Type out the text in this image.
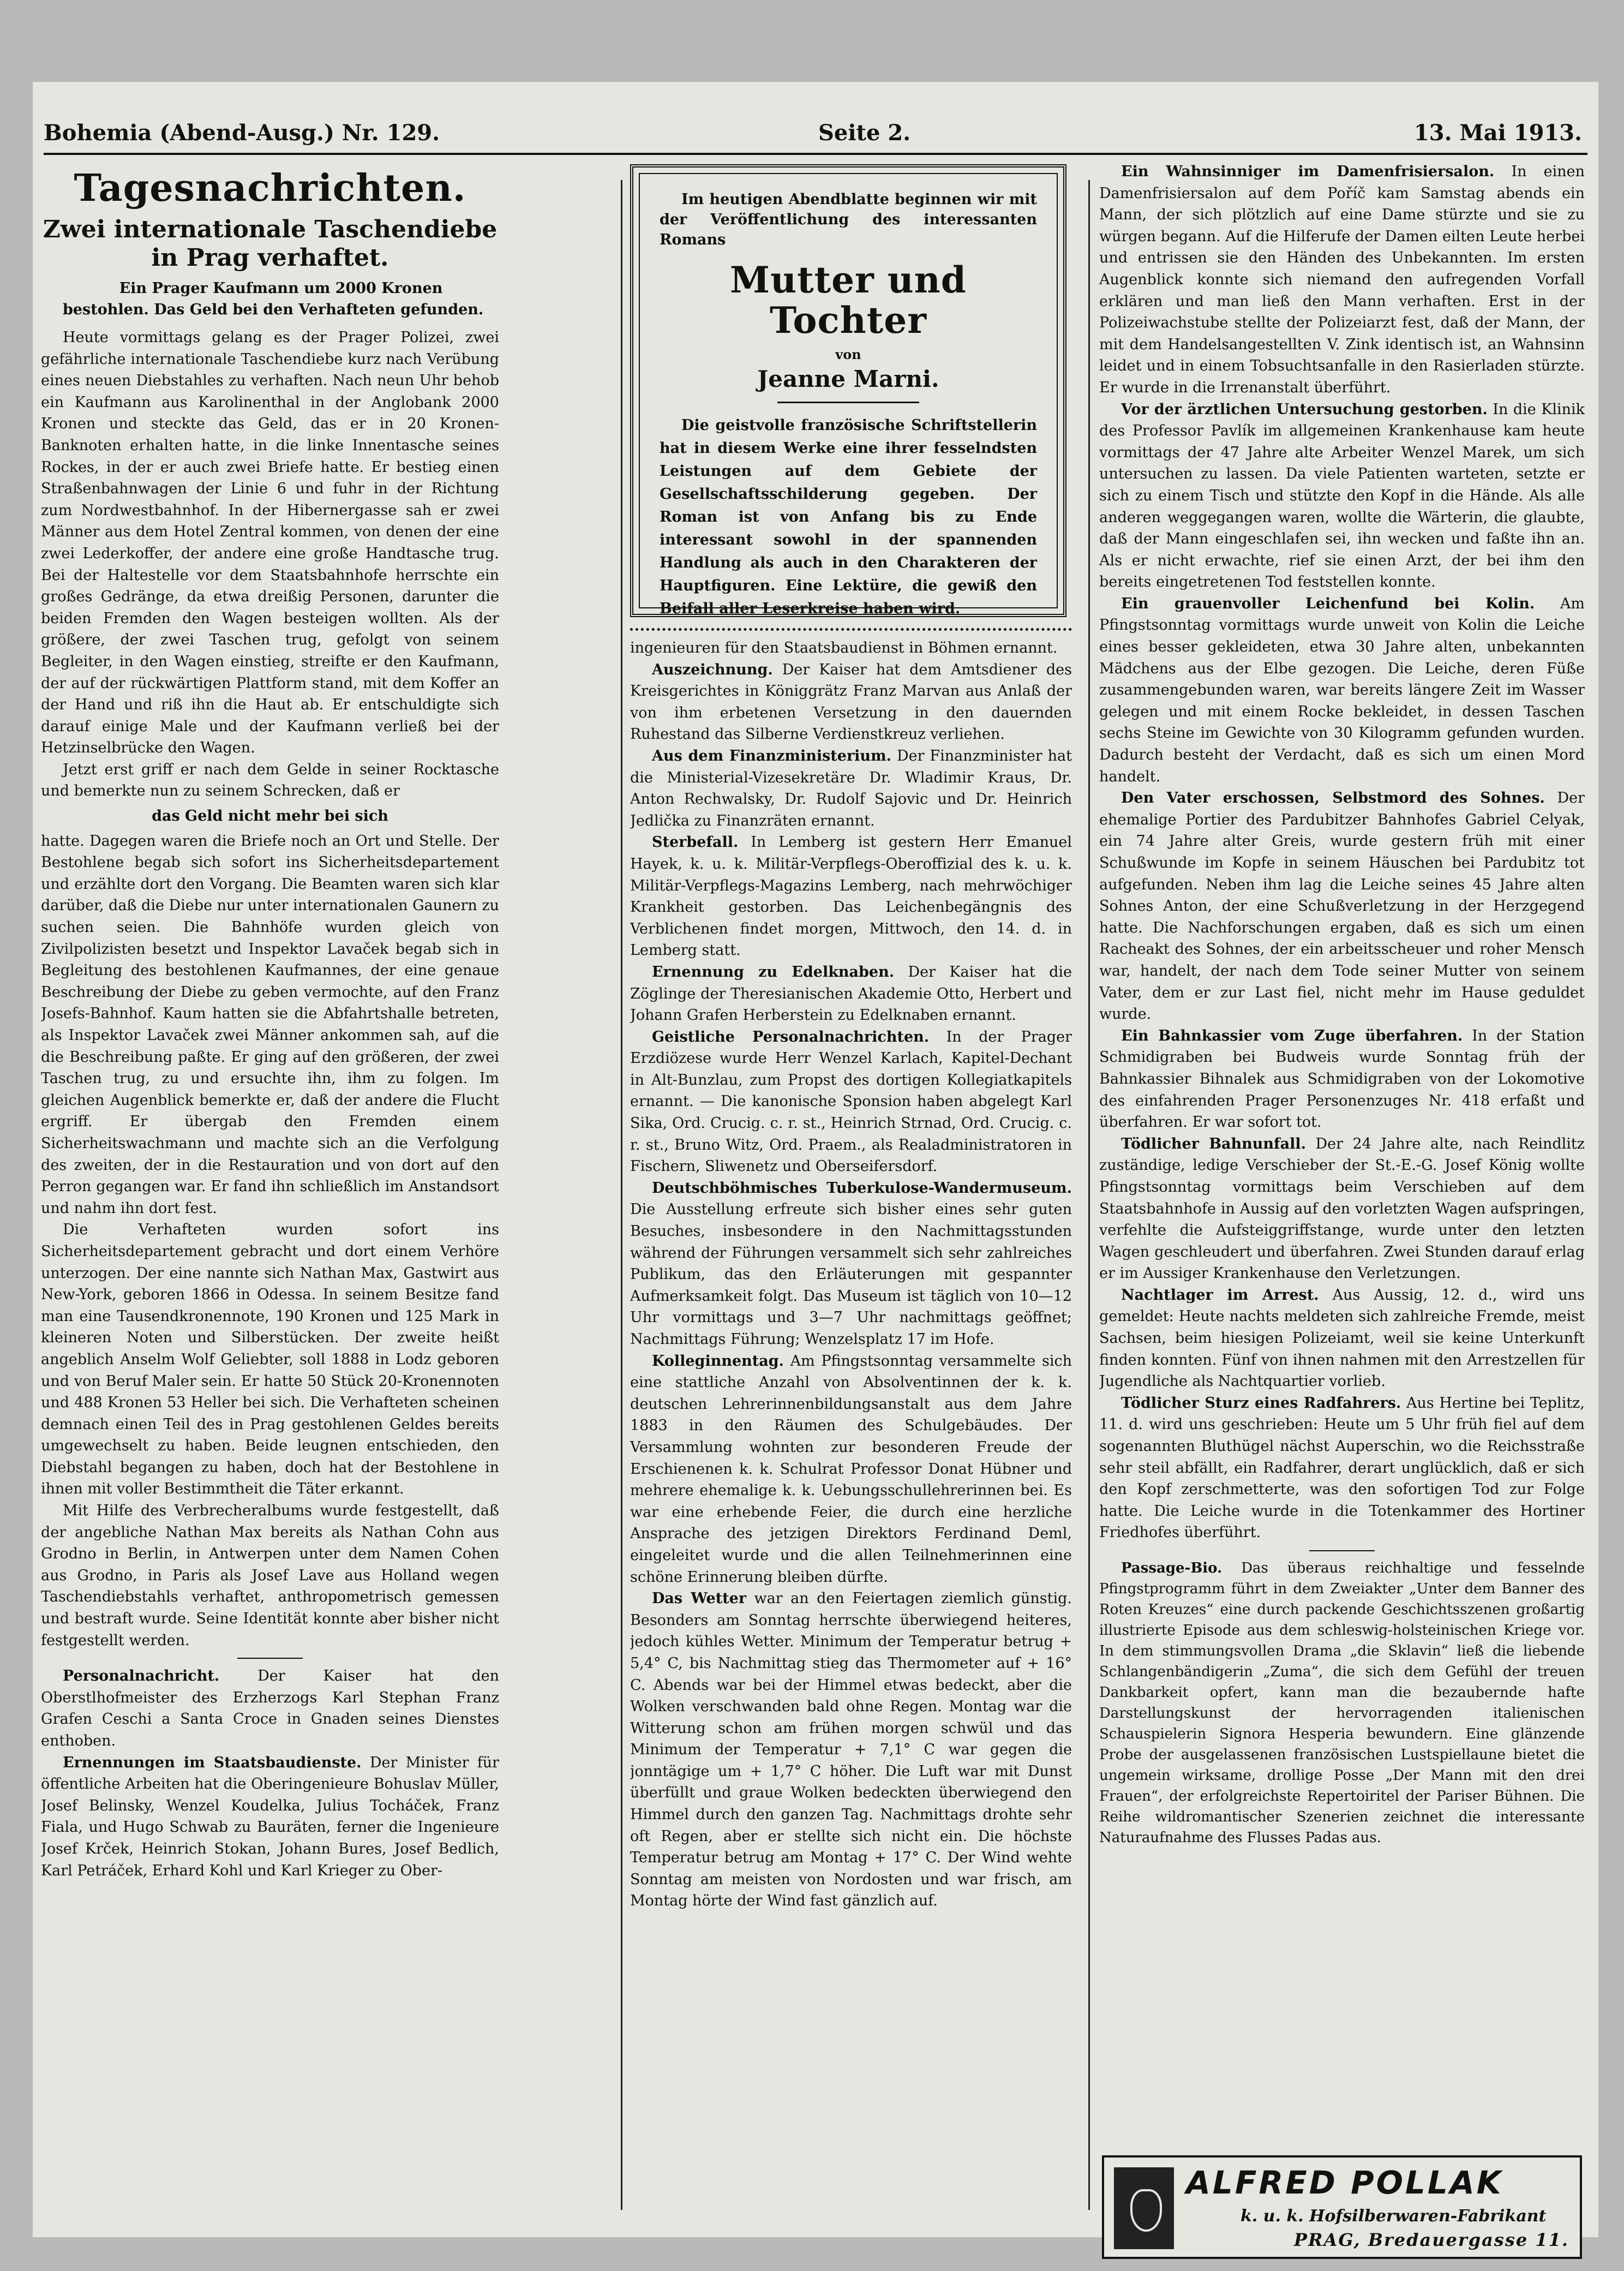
Bohemia (Abend-Ausg.) Nr. 129.	Seite 2.	13. Mai 1913.
Tagesnachrichten.
Zwei internationale Taschendiebe in Prag verhaftet.

Ein Prager Kaufmann um 2000 Kronen

bestohlen. Das Geld bei den Verhafteten gefunden.

Heute vormittags gelang es der Prager Polizei, zwei gefährliche internationale Taschendiebe kurz nach Verübung eines neuen Diebstahles zu verhaften. Nach neun Uhr behob ein Kaufmann aus Karolinenthal in der Anglobank 2000 Kronen und steckte das Geld, das er in 20 Kronen-Banknoten erhalten hatte, in die linke Innentasche seines Rockes, in der er auch zwei Briefe hatte. Er bestieg einen Straßenbahnwagen der Linie 6 und fuhr in der Richtung zum Nordwestbahnhof. In der Hibernergasse sah er zwei Männer aus dem Hotel Zentral kommen, von denen der eine zwei Lederkoffer, der andere eine große Handtasche trug. Bei der Haltestelle vor dem Staatsbahnhofe herrschte ein großes Gedränge, da etwa dreißig Personen, darunter die beiden Fremden den Wagen besteigen wollten. Als der größere, der zwei Taschen trug, gefolgt von seinem Begleiter, in den Wagen einstieg, streifte er den Kaufmann, der auf der rückwärtigen Plattform stand, mit dem Koffer an der Hand und riß ihn die Haut ab. Er entschuldigte sich darauf einige Male und der Kaufmann verließ bei der Hetzinselbrücke den Wagen.

Jetzt erst griff er nach dem Gelde in seiner Rocktasche und bemerkte nun zu seinem Schrecken, daß er

das Geld nicht mehr bei sich

hatte. Dagegen waren die Briefe noch an Ort und Stelle. Der Bestohlene begab sich sofort ins Sicherheitsdepartement und erzählte dort den Vorgang. Die Beamten waren sich klar darüber, daß die Diebe nur unter internationalen Gaunern zu suchen seien. Die Bahnhöfe wurden gleich von Zivilpolizisten besetzt und Inspektor Lavaček begab sich in Begleitung des bestohlenen Kaufmannes, der eine genaue Beschreibung der Diebe zu geben vermochte, auf den Franz Josefs-Bahnhof. Kaum hatten sie die Abfahrtshalle betreten, als Inspektor Lavaček zwei Männer ankommen sah, auf die die Beschreibung paßte. Er ging auf den größeren, der zwei Taschen trug, zu und ersuchte ihn, ihm zu folgen. Im gleichen Augenblick bemerkte er, daß der andere die Flucht ergriff. Er übergab den Fremden einem Sicherheitswachmann und machte sich an die Verfolgung des zweiten, der in die Restauration und von dort auf den Perron gegangen war. Er fand ihn schließlich im Anstandsort und nahm ihn dort fest.

Die Verhafteten wurden sofort ins Sicherheitsdepartement gebracht und dort einem Verhöre unterzogen. Der eine nannte sich Nathan Max, Gastwirt aus New-York, geboren 1866 in Odessa. In seinem Besitze fand man eine Tausendkronennote, 190 Kronen und 125 Mark in kleineren Noten und Silberstücken. Der zweite heißt angeblich Anselm Wolf Geliebter, soll 1888 in Lodz geboren und von Beruf Maler sein. Er hatte 50 Stück 20-Kronennoten und 488 Kronen 53 Heller bei sich. Die Verhafteten scheinen demnach einen Teil des in Prag gestohlenen Geldes bereits umgewechselt zu haben. Beide leugnen entschieden, den Diebstahl begangen zu haben, doch hat der Bestohlene in ihnen mit voller Bestimmtheit die Täter erkannt.

Mit Hilfe des Verbrecheralbums wurde festgestellt, daß der angebliche Nathan Max bereits als Nathan Cohn aus Grodno in Berlin, in Antwerpen unter dem Namen Cohen aus Grodno, in Paris als Josef Lave aus Holland wegen Taschendiebstahls verhaftet, anthropometrisch gemessen und bestraft wurde. Seine Identität konnte aber bisher nicht festgestellt werden.

Personalnachricht.	Der Kaiser hat den Oberstlhofmeister des Erzherzogs Karl Stephan Franz Grafen Ceschi a Santa Croce in Gnaden seines Dienstes enthoben.

Ernennungen im Staatsbaudienste. Der Minister für öffentliche Arbeiten hat die Oberingenieure Bohuslav Müller, Josef Belinsky, Wenzel Koudelka, Julius Tocháček, Franz Fiala, und Hugo Schwab zu Bauräten, ferner die Ingenieure Josef Krček, Heinrich Stokan, Johann Bures, Josef Bedlich, Karl Petráček, Erhard Kohl und Karl Krieger zu Ober-

Im heutigen Abendblatte beginnen wir mit der Veröffentlichung des interessanten Romans

Mutter und Tochter
von
Jeanne Marni.

Die geistvolle französische Schriftstellerin hat in diesem Werke eine ihrer fesselndsten Leistungen auf dem Gebiete der Gesellschaftsschilderung gegeben. Der Roman ist von Anfang bis zu Ende interessant sowohl in der spannenden Handlung als auch in den Charakteren der Hauptfiguren. Eine Lektüre, die gewiß den Beifall aller Leserkreise haben wird.

ingenieuren für den Staatsbaudienst in Böhmen ernannt.

Auszeichnung. Der Kaiser hat dem Amtsdiener des Kreisgerichtes in Königgrätz Franz Marvan aus Anlaß der von ihm erbetenen Versetzung in den dauernden Ruhestand das Silberne Verdienstkreuz verliehen.

Aus dem Finanzministerium. Der Finanzminister hat die Ministerial-Vizesekretäre Dr. Wladimir Kraus, Dr. Anton Rechwalsky, Dr. Rudolf Sajovic und Dr. Heinrich Jedlička zu Finanzräten ernannt.

Sterbefall. In Lemberg ist gestern Herr Emanuel Hayek, k. u. k. Militär-Verpflegs-Oberoffizial des k. u. k. Militär-Verpflegs-Magazins Lemberg, nach mehrwöchiger Krankheit gestorben. Das Leichenbegängnis des Verblichenen findet morgen, Mittwoch, den 14. d. in Lemberg statt.

Ernennung zu Edelknaben. Der Kaiser hat die Zöglinge der Theresianischen Akademie Otto, Herbert und Johann Grafen Herberstein zu Edelknaben ernannt.

Geistliche Personalnachrichten. In der Prager Erzdiözese wurde Herr Wenzel Karlach, Kapitel-Dechant in Alt-Bunzlau, zum Propst des dortigen Kollegiatkapitels ernannt. — Die kanonische Sponsion haben abgelegt Karl Sika, Ord. Crucig. c. r. st., Heinrich Strnad, Ord. Crucig. c. r. st., Bruno Witz, Ord. Praem., als Realadministratoren in Fischern, Sliwenetz und Oberseifersdorf.

Deutschböhmisches Tuberkulose-Wandermuseum. Die Ausstellung erfreute sich bisher eines sehr guten Besuches, insbesondere in den Nachmittagsstunden während der Führungen versammelt sich sehr zahlreiches Publikum, das den Erläuterungen mit gespannter Aufmerksamkeit folgt. Das Museum ist täglich von 10—12 Uhr vormittags und 3—7 Uhr nachmittags geöffnet; Nachmittags Führung; Wenzelsplatz 17 im Hofe.

Kolleginnentag. Am Pfingstsonntag versammelte sich eine stattliche Anzahl von Absolventinnen der k. k. deutschen Lehrerinnenbildungsanstalt aus dem Jahre 1883 in den Räumen des Schulgebäudes. Der Versammlung wohnten zur besonderen Freude der Erschienenen k. k. Schulrat Professor Donat Hübner und mehrere ehemalige k. k. Uebungsschullehrerinnen bei. Es war eine erhebende Feier, die durch eine herzliche Ansprache des jetzigen Direktors Ferdinand Deml, eingeleitet wurde und die allen Teilnehmerinnen eine schöne Erinnerung bleiben dürfte.

Das Wetter war an den Feiertagen ziemlich günstig. Besonders am Sonntag herrschte überwiegend heiteres, jedoch kühles Wetter. Minimum der Temperatur betrug + 5,4° C, bis Nachmittag stieg das Thermometer auf + 16° C. Abends war bei der Himmel etwas bedeckt, aber die Wolken verschwanden bald ohne Regen. Montag war die Witterung schon am frühen morgen schwül und das Minimum der Temperatur + 7,1° C war gegen die jonntägige um + 1,7° C höher. Die Luft war mit Dunst überfüllt und graue Wolken bedeckten überwiegend den Himmel durch den ganzen Tag. Nachmittags drohte sehr oft Regen, aber er stellte sich nicht ein. Die höchste Temperatur betrug am Montag + 17° C. Der Wind wehte Sonntag am meisten von Nordosten und war frisch, am Montag hörte der Wind fast gänzlich auf.

Ein Wahnsinniger im Damenfrisiersalon. In einen Damenfrisiersalon auf dem Poříč kam Samstag abends ein Mann, der sich plötzlich auf eine Dame stürzte und sie zu würgen begann. Auf die Hilferufe der Damen eilten Leute herbei und entrissen sie den Händen des Unbekannten. Im ersten Augenblick konnte sich niemand den aufregenden Vorfall erklären und man ließ den Mann verhaften. Erst in der Polizeiwachstube stellte der Polizeiarzt fest, daß der Mann, der mit dem Handelsangestellten V. Zink identisch ist, an Wahnsinn leidet und in einem Tobsuchtsanfalle in den Rasierladen stürzte. Er wurde in die Irrenanstalt überführt.

Vor der ärztlichen Untersuchung gestorben. In die Klinik des Professor Pavlík im allgemeinen Krankenhause kam heute vormittags der 47 Jahre alte Arbeiter Wenzel Marek, um sich untersuchen zu lassen. Da viele Patienten warteten, setzte er sich zu einem Tisch und stützte den Kopf in die Hände. Als alle anderen weggegangen waren, wollte die Wärterin, die glaubte, daß der Mann eingeschlafen sei, ihn wecken und faßte ihn an. Als er nicht erwachte, rief sie einen Arzt, der bei ihm den bereits eingetretenen Tod feststellen konnte.

Ein grauenvoller Leichenfund bei Kolin. Am Pfingstsonntag vormittags wurde unweit von Kolin die Leiche eines besser gekleideten, etwa 30 Jahre alten, unbekannten Mädchens aus der Elbe gezogen. Die Leiche, deren Füße zusammengebunden waren, war bereits längere Zeit im Wasser gelegen und mit einem Rocke bekleidet, in dessen Taschen sechs Steine im Gewichte von 30 Kilogramm gefunden wurden. Dadurch besteht der Verdacht, daß es sich um einen Mord handelt.

Den Vater erschossen, Selbstmord des Sohnes. Der ehemalige Portier des Pardubitzer Bahnhofes Gabriel Celyak, ein 74 Jahre alter Greis, wurde gestern früh mit einer Schußwunde im Kopfe in seinem Häuschen bei Pardubitz tot aufgefunden. Neben ihm lag die Leiche seines 45 Jahre alten Sohnes Anton, der eine Schußverletzung in der Herzgegend hatte. Die Nachforschungen ergaben, daß es sich um einen Racheakt des Sohnes, der ein arbeitsscheuer und roher Mensch war, handelt, der nach dem Tode seiner Mutter von seinem Vater, dem er zur Last fiel, nicht mehr im Hause geduldet wurde.

Ein Bahnkassier vom Zuge überfahren. In der Station Schmidigraben bei Budweis wurde Sonntag früh der Bahnkassier Bihnalek aus Schmidigraben von der Lokomotive des einfahrenden Prager Personenzuges Nr. 418 erfaßt und überfahren. Er war sofort tot.

Tödlicher Bahnunfall. Der 24 Jahre alte, nach Reindlitz zuständige, ledige Verschieber der St.-E.-G. Josef König wollte Pfingstsonntag vormittags beim Verschieben auf dem Staatsbahnhofe in Aussig auf den vorletzten Wagen aufspringen, verfehlte die Aufsteiggriffstange, wurde unter den letzten Wagen geschleudert und überfahren. Zwei Stunden darauf erlag er im Aussiger Krankenhause den Verletzungen.

Nachtlager im Arrest. Aus Aussig, 12. d., wird uns gemeldet: Heute nachts meldeten sich zahlreiche Fremde, meist Sachsen, beim hiesigen Polizeiamt, weil sie keine Unterkunft finden konnten. Fünf von ihnen nahmen mit den Arrestzellen für Jugendliche als Nachtquartier vorlieb.

Tödlicher Sturz eines Radfahrers. Aus Hertine bei Teplitz, 11. d. wird uns geschrieben: Heute um 5 Uhr früh fiel auf dem sogenannten Bluthügel nächst Auperschin, wo die Reichsstraße sehr steil abfällt, ein Radfahrer, derart unglücklich, daß er sich den Kopf zerschmetterte, was den sofortigen Tod zur Folge hatte. Die Leiche wurde in die Totenkammer des Hortiner Friedhofes überführt.

Passage-Bio. Das überaus reichhaltige und fesselnde Pfingstprogramm führt in dem Zweiakter „Unter dem Banner des Roten Kreuzes“ eine durch packende Geschichtsszenen großartig illustrierte Episode aus dem schleswig-holsteinischen Kriege vor. In dem stimmungsvollen Drama „die Sklavin“ ließ die liebende Schlangenbändigerin „Zuma“, die sich dem Gefühl der treuen Dankbarkeit opfert, kann man die bezaubernde hafte Darstellungskunst der hervorragenden italienischen Schauspielerin Signora Hesperia bewundern. Eine glänzende Probe der ausgelassenen französischen Lustspiellaune bietet die ungemein wirksame, drollige Posse „Der Mann mit den drei Frauen“, der erfolgreichste Repertoiritel der Pariser Bühnen. Die Reihe wildromantischer Szenerien zeichnet die interessante Naturaufnahme des Flusses Padas aus.

ALFRED POLLAK
k. u. k. Hofsilberwaren-Fabrikant
PRAG, Bredauergasse 11.
